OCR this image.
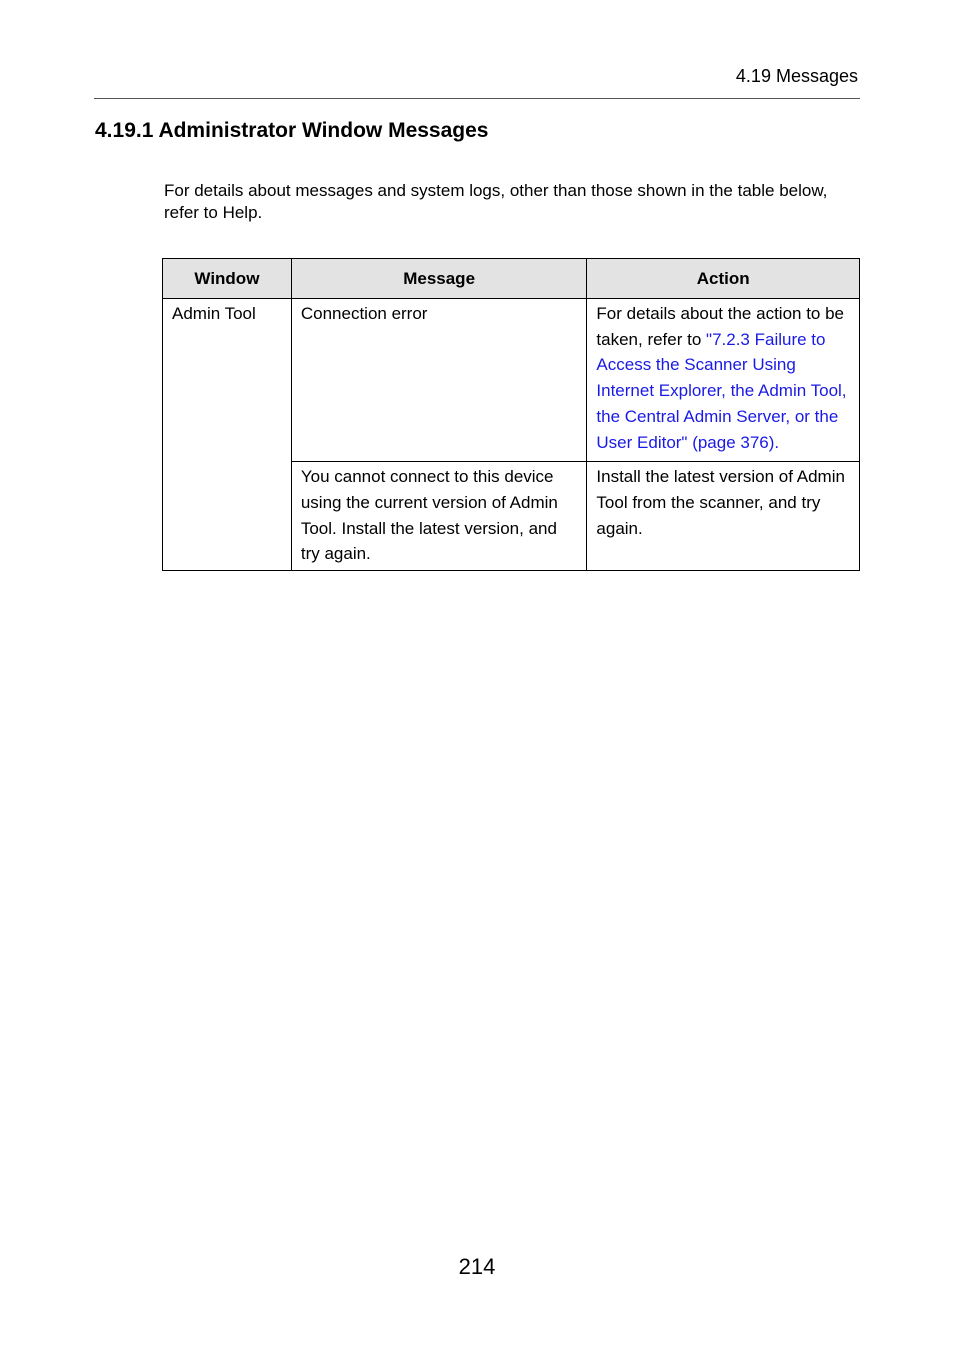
4.19 Messages
4.19.1 Administrator Window Messages

For details about messages and system logs, other than those shown in the table below, refer to Help.

Window	Message	Action
Admin Tool	Connection error	For details about the action to be taken, refer to "7.2.3 Failure to Access the Scanner Using Internet Explorer, the Admin Tool, the Central Admin Server, or the User Editor" (page 376).
	You cannot connect to this device using the current version of Admin Tool. Install the latest version, and try again.	Install the latest version of Admin Tool from the scanner, and try again.
214
